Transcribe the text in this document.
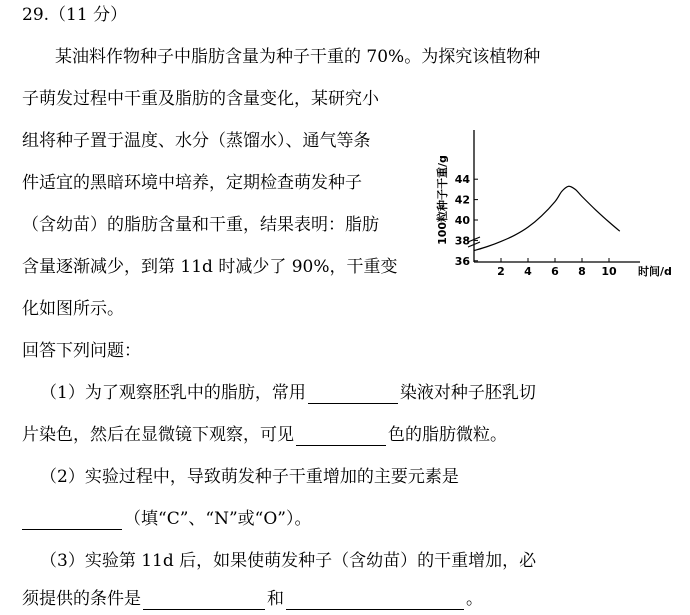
29.（11 分）
某油料作物种子中脂肪含量为种子干重的 70%。为探究该植物种
子萌发过程中干重及脂肪的含量变化，某研究小
组将种子置于温度、水分（蒸馏水）、通气等条
件适宜的黑暗环境中培养，定期检查萌发种子
（含幼苗）的脂肪含量和干重，结果表明：脂肪
含量逐渐减少，到第 11d 时减少了 90%，干重变
化如图所示。
回答下列问题：
（1）为了观察胚乳中的脂肪，常用	染液对种子胚乳切
片染色，然后在显微镜下观察，可见	色的脂肪微粒。
（2）实验过程中，导致萌发种子干重增加的主要元素是
（填“C”、“N”或“O”）。
（3）实验第 11d 后，如果使萌发种子（含幼苗）的干重增加，必
须提供的条件是	和	。
100粒种子干重/g
36
38
40
42
44
2 4 6 8 10 时间/d
